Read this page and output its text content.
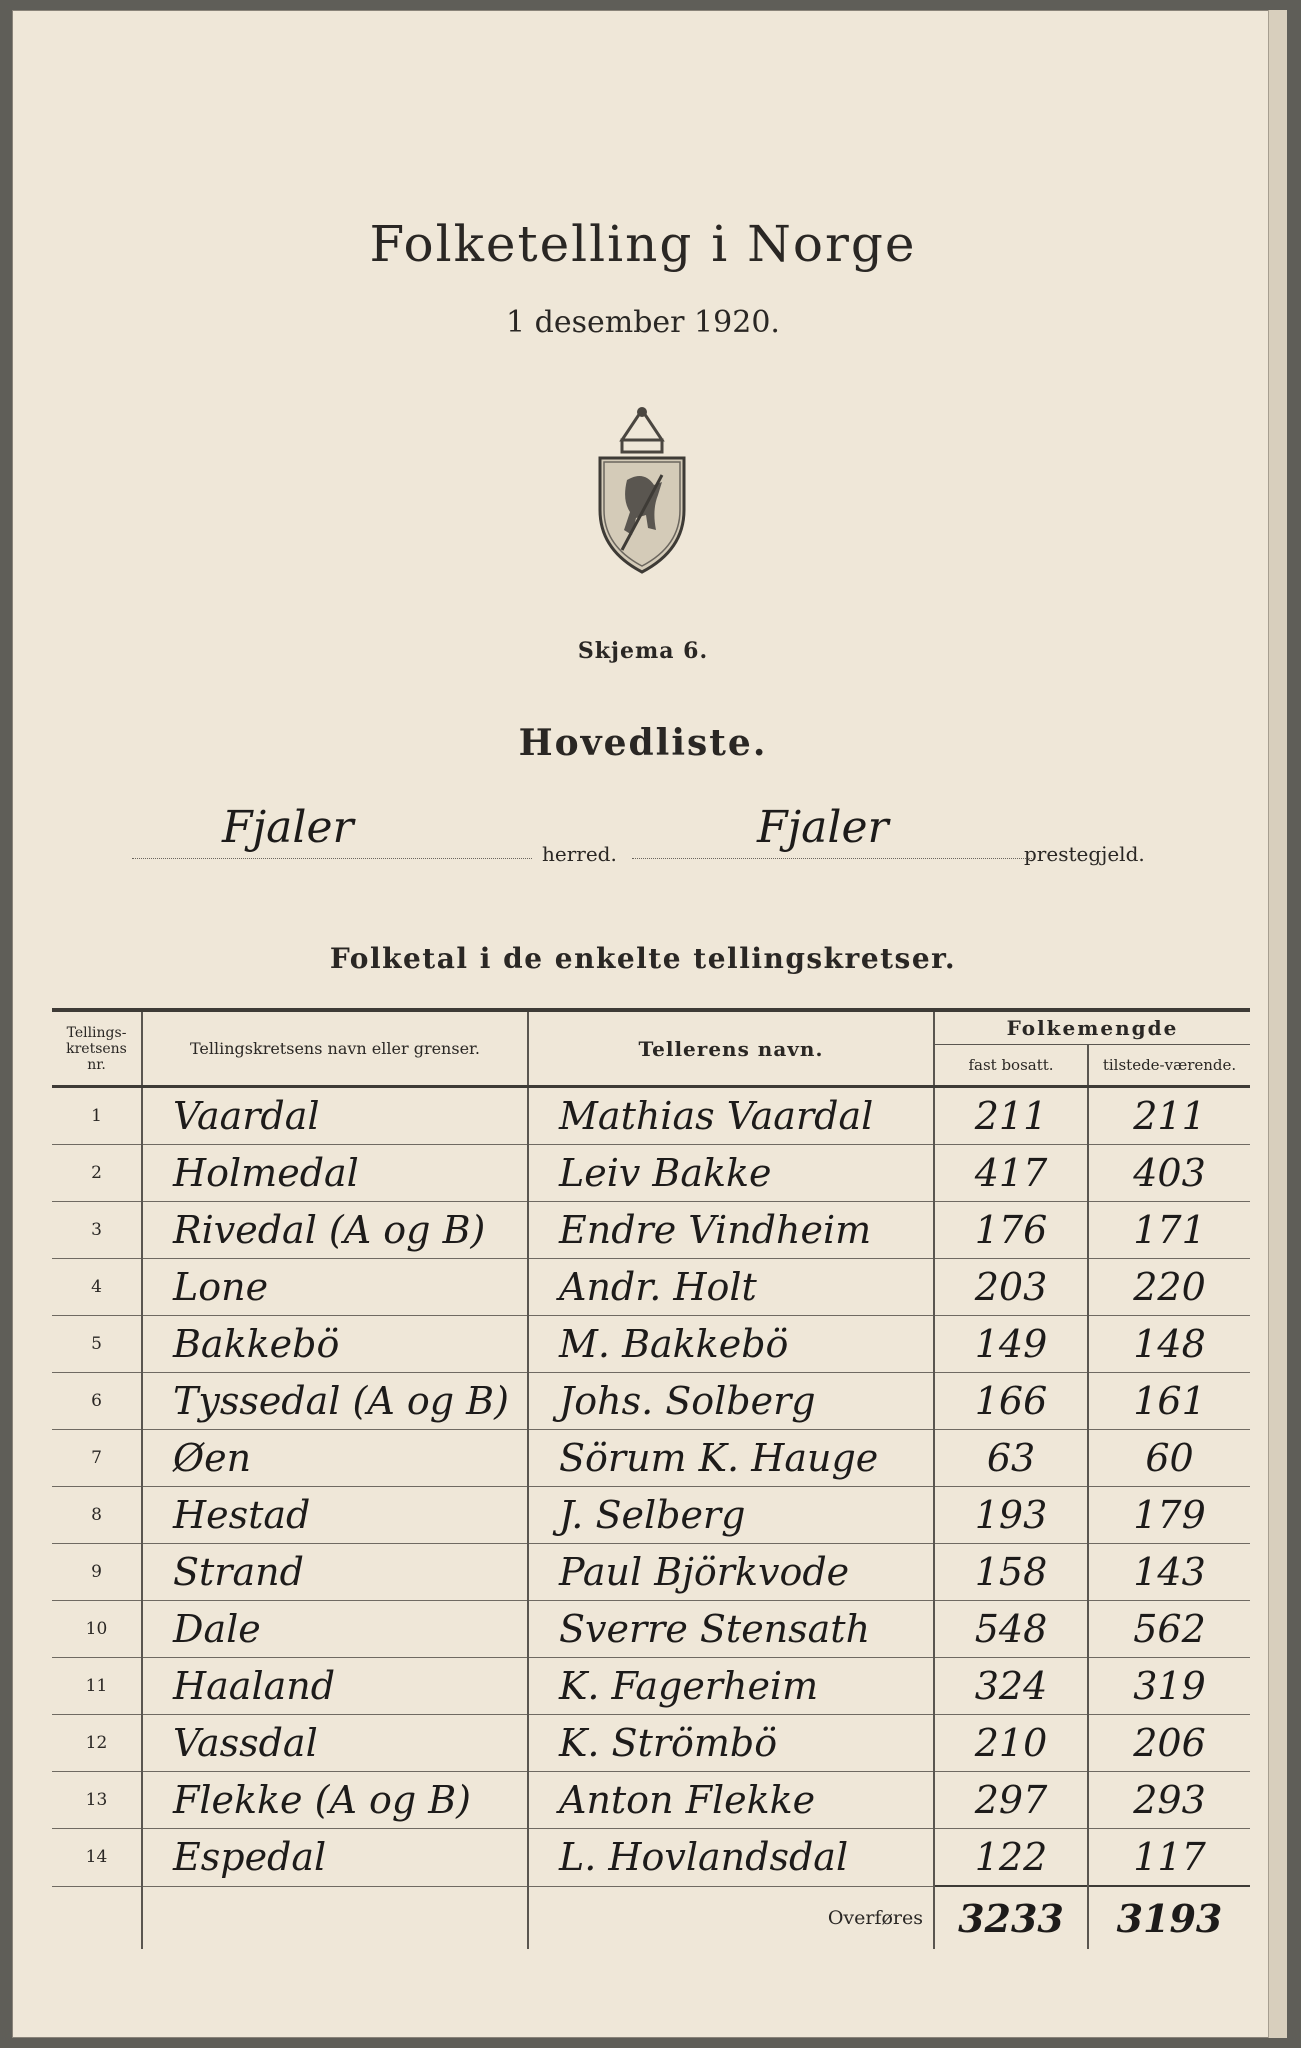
Folketelling i Norge
1 desember 1920.
Skjema 6.
Hovedliste.
Fjaler
herred.
Fjaler
prestegjeld.
Folketal i de enkelte tellingskretser.
Tellings-kretsens nr.	Tellingskretsens navn eller grenser.	Tellerens navn.	Folkemengde	
			fast bosatt.	tilstede-værende.
1	Vaardal	Mathias Vaardal	211	211
2	Holmedal	Leiv Bakke	417	403
3	Rivedal (A og B)	Endre Vindheim	176	171
4	Lone	Andr. Holt	203	220
5	Bakkebö	M. Bakkebö	149	148
6	Tyssedal (A og B)	Johs. Solberg	166	161
7	Øen	Sörum K. Hauge	63	60
8	Hestad	J. Selberg	193	179
9	Strand	Paul Björkvode	158	143
10	Dale	Sverre Stensath	548	562
11	Haaland	K. Fagerheim	324	319
12	Vassdal	K. Strömbö	210	206
13	Flekke (A og B)	Anton Flekke	297	293
14	Espedal	L. Hovlandsdal	122	117
		Overføres	3233	3193
